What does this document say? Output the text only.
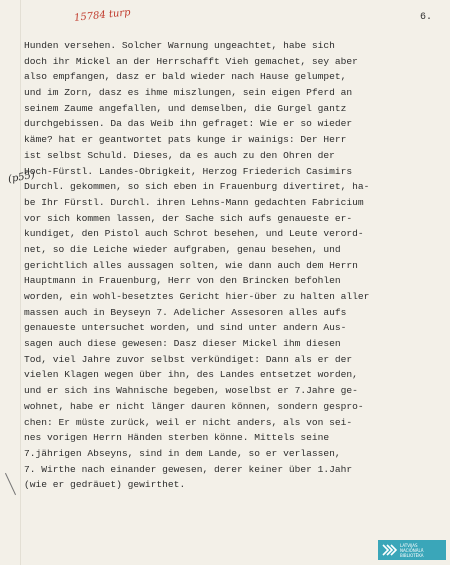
15784 turp	6.
(p55)
Hunden versehen. Solcher Warnung ungeachtet, habe sich
doch ihr Mickel an der Herrschafft Vieh gemachet, sey aber
also empfangen, dasz er bald wieder nach Hause gelumpet,
und im Zorn, dasz es ihme miszlungen, sein eigen Pferd an
seinem Zaume angefallen, und demselben, die Gurgel gantz
durchgebissen. Da das Weib ihn gefraget: Wie er so wieder
käme? hat er geantwortet pats kunge ir wainigs: Der Herr
ist selbst Schuld. Dieses, da es auch zu den Ohren der
Hoch-Fürstl. Landes-Obrigkeit, Herzog Friederich Casimirs
Durchl. gekommen, so sich eben in Frauenburg divertiret, ha-
be Ihr Fürstl. Durchl. ihren Lehns-Mann gedachten Fabricium
vor sich kommen lassen, der Sache sich aufs genaueste er-
kundiget, den Pistol auch Schrot besehen, und Leute verord-
net, so die Leiche wieder aufgraben, genau besehen, und
gerichtlich alles aussagen solten, wie dann auch dem Herrn
Hauptmann in Frauenburg, Herr von den Brincken befohlen
worden, ein wohl-besetztes Gericht hier-über zu halten aller
massen auch in Beyseyn 7. Adelicher Assesoren alles aufs
genaueste untersuchet worden, und sind unter andern Aus-
sagen auch diese gewesen: Dasz dieser Mickel ihm diesen
Tod, viel Jahre zuvor selbst verkündiget: Dann als er der
vielen Klagen wegen über ihn, des Landes entsetzet worden,
und er sich ins Wahnische begeben, woselbst er 7.Jahre ge-
wohnet, habe er nicht länger dauren können, sondern gespro-
chen: Er müste zurück, weil er nicht anders, als von sei-
nes vorigen Herrn Händen sterben könne. Mittels seine
7.jährigen Abseyns, sind in dem Lande, so er verlassen,
7. Wirthe nach einander gewesen, derer keiner über 1.Jahr
(wie er gedräuet) gewirthet.
LATVIJAS
NACIONĀLĀ
BIBLIOTĒKA
